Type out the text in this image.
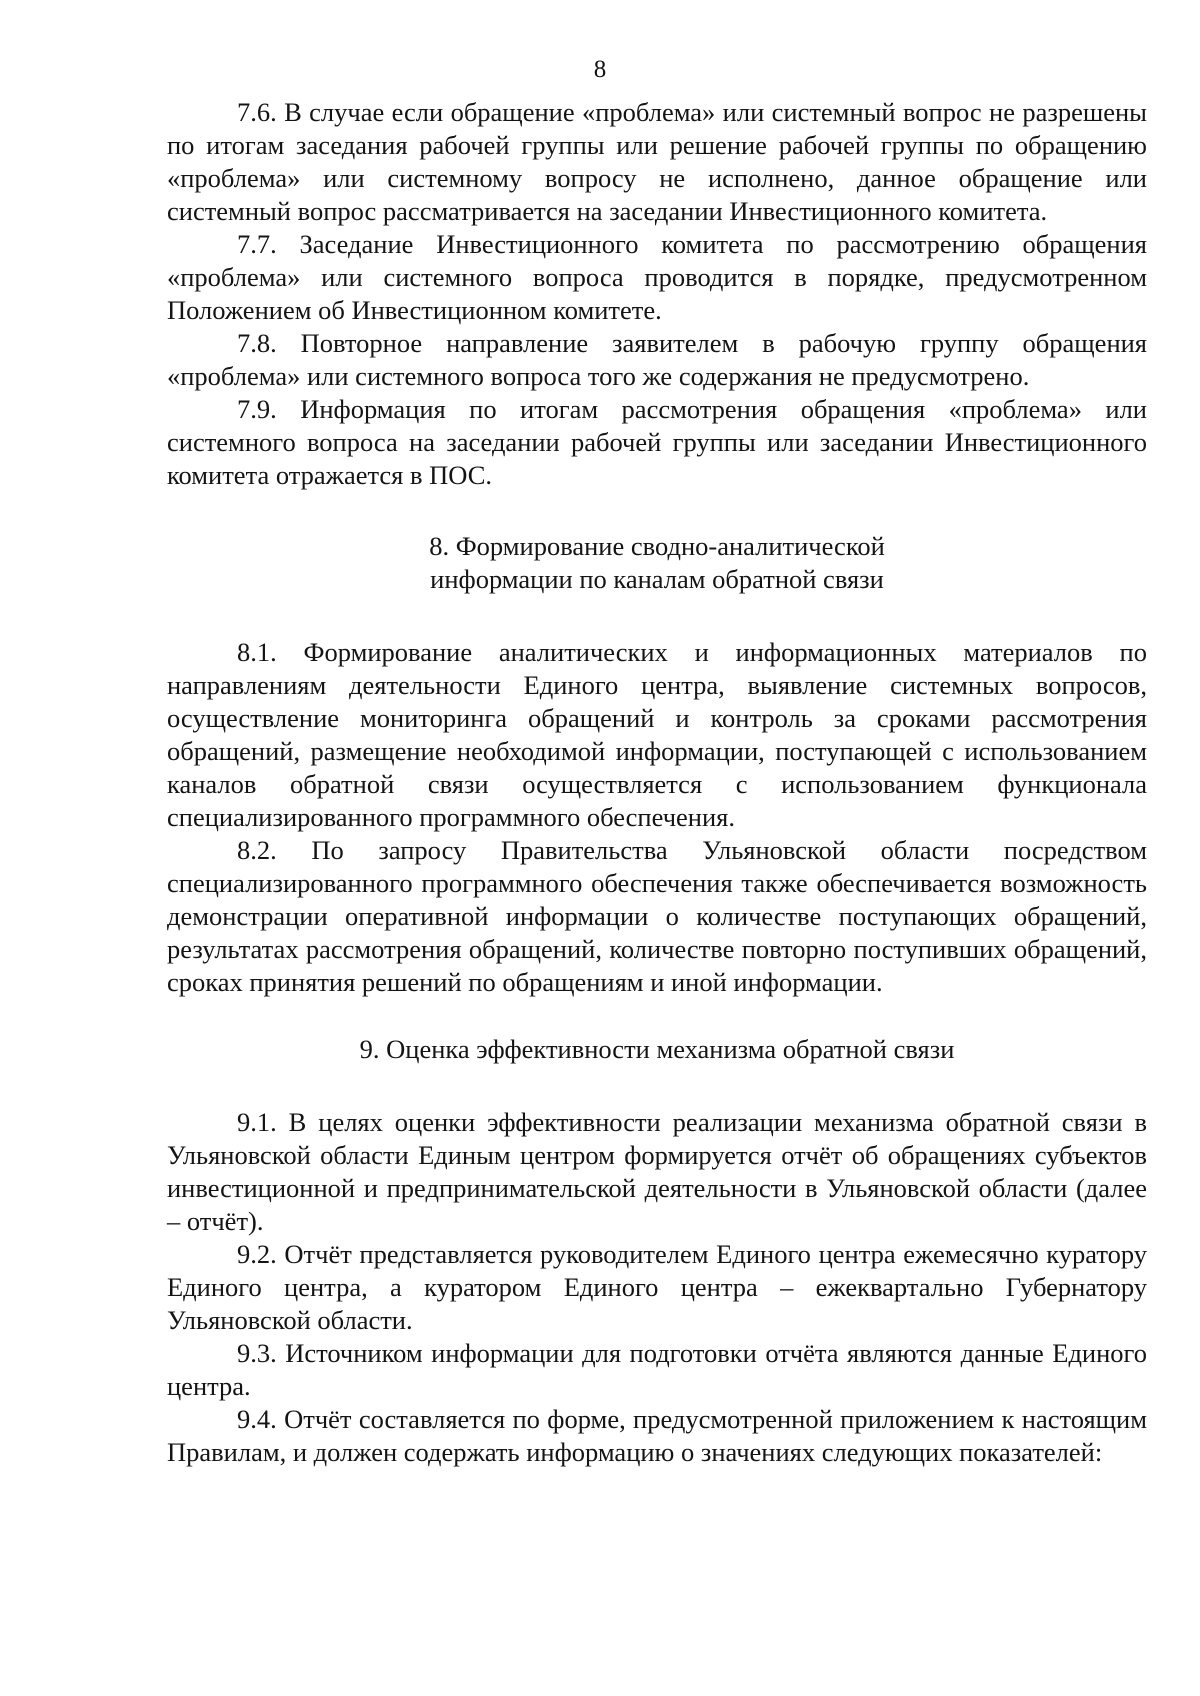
8

7.6. В случае если обращение «проблема» или системный вопрос не разрешены по итогам заседания рабочей группы или решение рабочей группы по обращению «проблема» или системному вопросу не исполнено, данное обращение или системный вопрос рассматривается на заседании Инвестиционного комитета.

7.7. Заседание Инвестиционного комитета по рассмотрению обращения «проблема» или системного вопроса проводится в порядке, предусмотренном Положением об Инвестиционном комитете.

7.8. Повторное направление заявителем в рабочую группу обращения «проблема» или системного вопроса того же содержания не предусмотрено.

7.9. Информация по итогам рассмотрения обращения «проблема» или системного вопроса на заседании рабочей группы или заседании Инвестиционного комитета отражается в ПОС.

8. Формирование сводно-аналитической
информации по каналам обратной связи

8.1. Формирование аналитических и информационных материалов по направлениям деятельности Единого центра, выявление системных вопросов, осуществление мониторинга обращений и контроль за сроками рассмотрения обращений, размещение необходимой информации, поступающей с использованием каналов обратной связи осуществляется с использованием функционала специализированного программного обеспечения.

8.2. По запросу Правительства Ульяновской области посредством специализированного программного обеспечения также обеспечивается возможность демонстрации оперативной информации о количестве поступающих обращений, результатах рассмотрения обращений, количестве повторно поступивших обращений, сроках принятия решений по обращениям и иной информации.

9. Оценка эффективности механизма обратной связи

9.1. В целях оценки эффективности реализации механизма обратной связи в Ульяновской области Единым центром формируется отчёт об обращениях субъектов инвестиционной и предпринимательской деятельности в Ульяновской области (далее – отчёт).

9.2. Отчёт представляется руководителем Единого центра ежемесячно куратору Единого центра, а куратором Единого центра – ежеквартально Губернатору Ульяновской области.

9.3. Источником информации для подготовки отчёта являются данные Единого центра.

9.4. Отчёт составляется по форме, предусмотренной приложением к настоящим Правилам, и должен содержать информацию о значениях следующих показателей:
